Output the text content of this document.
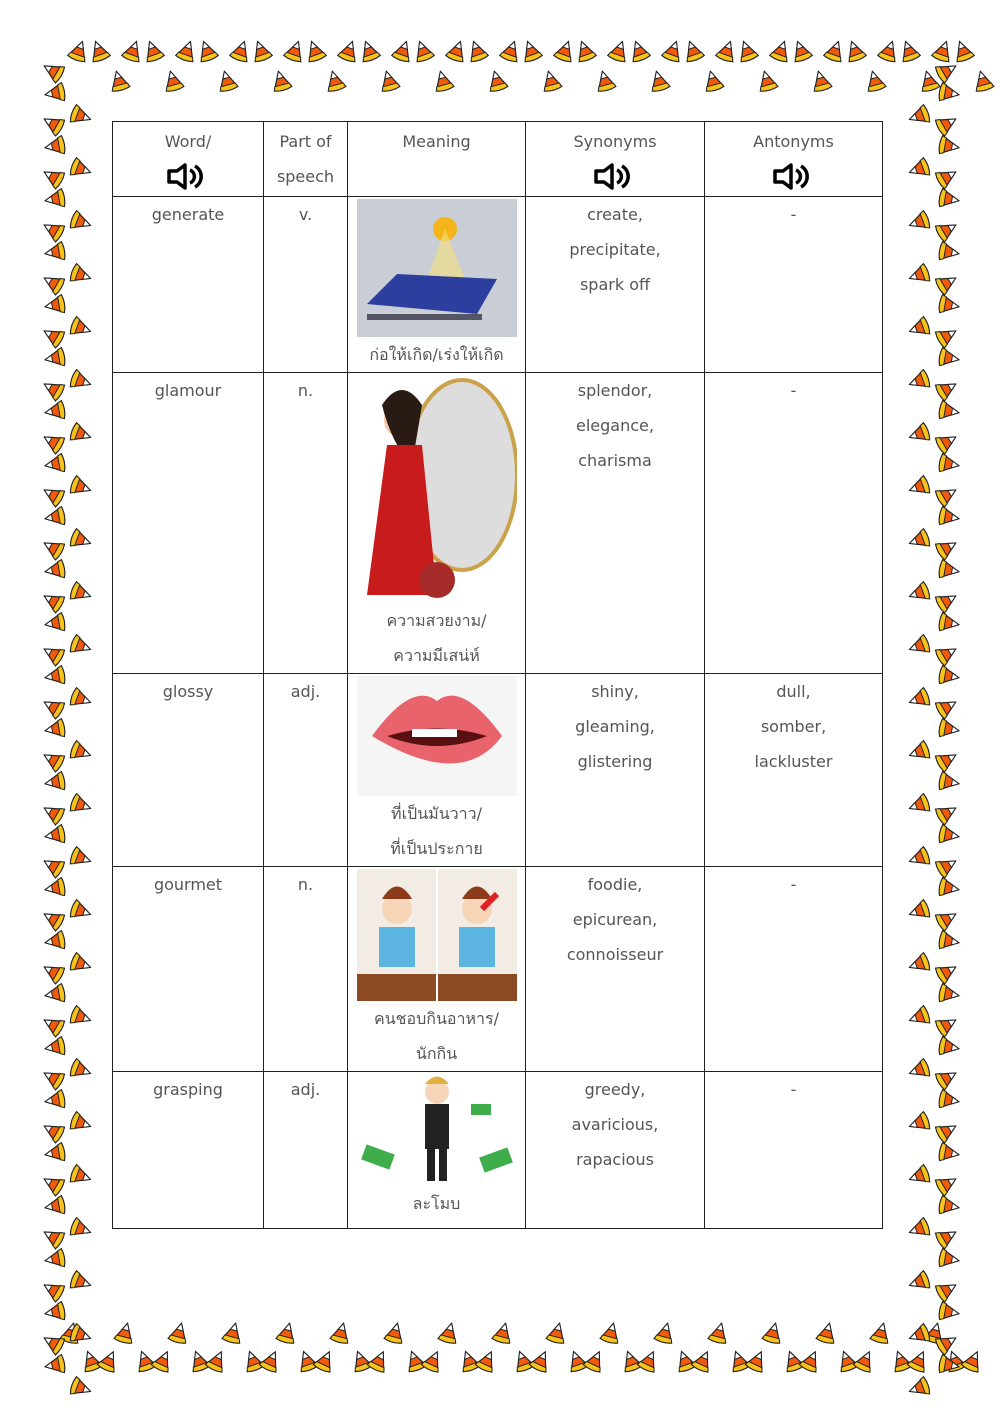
Word/	Part of
speech	Meaning	Synonyms	Antonyms

generate	v.	ก่อให้เกิด/เร่งให้เกิด	create,
precipitate,
spark off	-

glamour	n.	ความสวยงาม/
ความมีเสน่ห์	splendor,
elegance,
charisma	-

glossy	adj.	ที่เป็นมันวาว/
ที่เป็นประกาย	shiny,
gleaming,
glistering	dull,
somber,
lackluster

gourmet	n.	คนชอบกินอาหาร/
นักกิน	foodie,
epicurean,
connoisseur	-

grasping	adj.	ละโมบ	greedy,
avaricious,
rapacious	-
